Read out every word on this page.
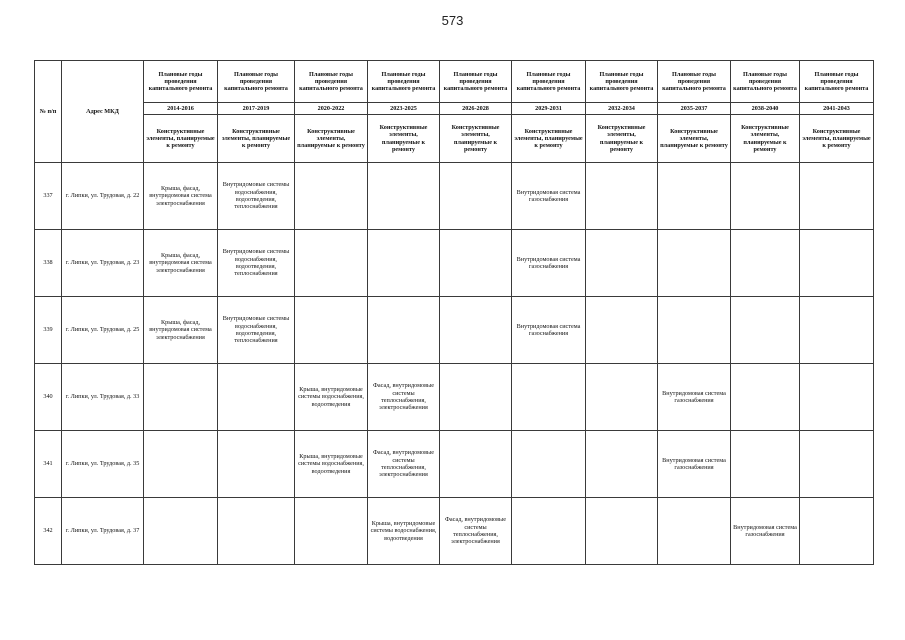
573
№ п/п	Адрес МКД	Плановые годы проведения капитального ремонта	Плановые годы проведения капитального ремонта	Плановые годы проведения капитального ремонта	Плановые годы проведения капитального ремонта	Плановые годы проведения капитального ремонта	Плановые годы проведения капитального ремонта	Плановые годы проведения капитального ремонта	Плановые годы проведения капитального ремонта	Плановые годы проведения капитального ремонта	Плановые годы проведения капитального ремонта
		2014-2016	2017-2019	2020-2022	2023-2025	2026-2028	2029-2031	2032-2034	2035-2037	2038-2040	2041-2043
		Конструктивные элементы, планируемые к ремонту	Конструктивные элементы, планируемые к ремонту	Конструктивные элементы, планируемые к ремонту	Конструктивные элементы, планируемые к ремонту	Конструктивные элементы, планируемые к ремонту	Конструктивные элементы, планируемые к ремонту	Конструктивные элементы, планируемые к ремонту	Конструктивные элементы, планируемые к ремонту	Конструктивные элементы, планируемые к ремонту	Конструктивные элементы, планируемые к ремонту
337	г. Липки, ул. Трудовая, д. 22	Крыша, фасад, внутридомовая система электроснабжения	Внутридомовые системы водоснабжения, водоотведения, теплоснабжения				Внутридомовая система газоснабжения				
338	г. Липки, ул. Трудовая, д. 23	Крыша, фасад, внутридомовая система электроснабжения	Внутридомовые системы водоснабжения, водоотведения, теплоснабжения				Внутридомовая система газоснабжения				
339	г. Липки, ул. Трудовая, д. 25	Крыша, фасад, внутридомовая система электроснабжения	Внутридомовые системы водоснабжения, водоотведения, теплоснабжения				Внутридомовая система газоснабжения				
340	г. Липки, ул. Трудовая, д. 33			Крыша, внутридомовые системы водоснабжения, водоотведения	Фасад, внутридомовые системы теплоснабжения, электроснабжения				Внутридомовая система газоснабжения		
341	г. Липки, ул. Трудовая, д. 35			Крыша, внутридомовые системы водоснабжения, водоотведения	Фасад, внутридомовые системы теплоснабжения, электроснабжения				Внутридомовая система газоснабжения		
342	г. Липки, ул. Трудовая, д. 37				Крыша, внутридомовые системы водоснабжения, водоотведения	Фасад, внутридомовые системы теплоснабжения, электроснабжения				Внутридомовая система газоснабжения	
